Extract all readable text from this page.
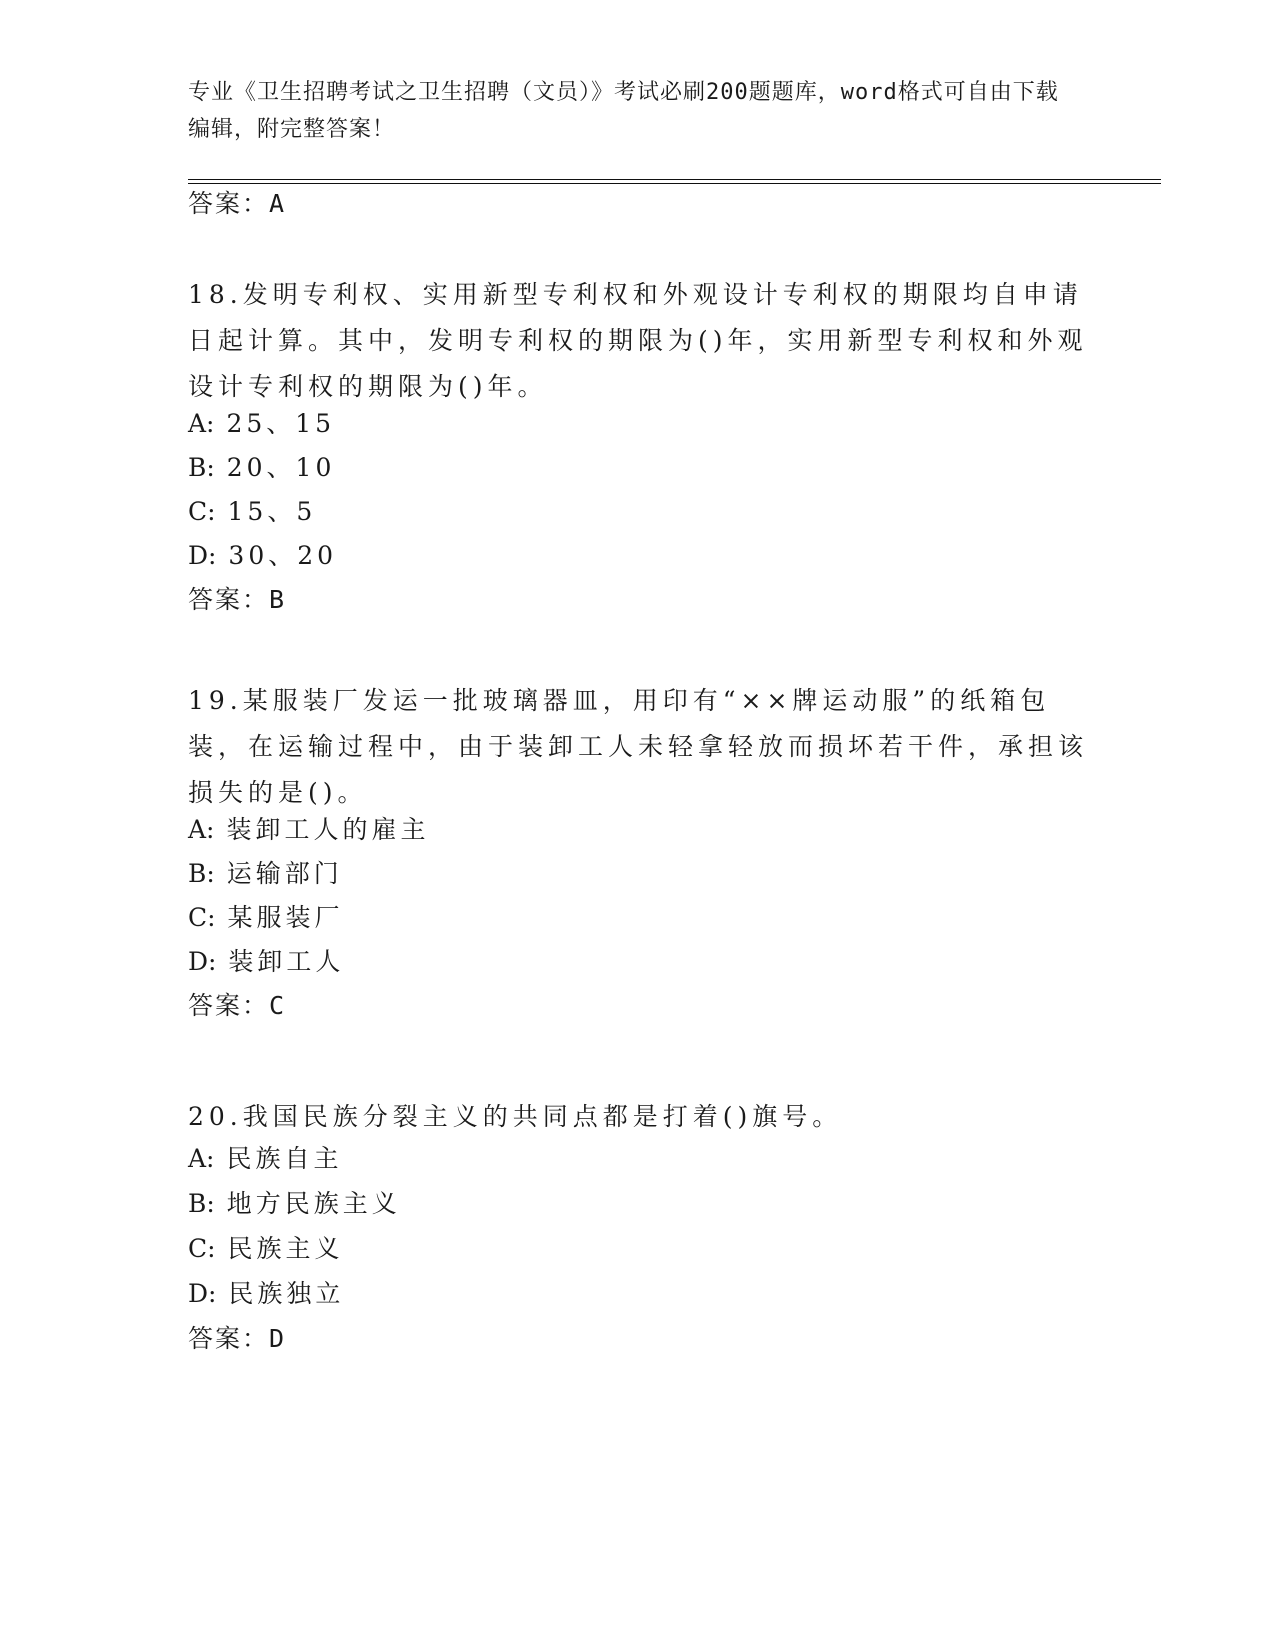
专业《卫生招聘考试之卫生招聘（文员）》考试必刷200题题库，word格式可自由下载编辑，附完整答案！
答案：A
18.发明专利权、实用新型专利权和外观设计专利权的期限均自申请日起计算。其中，发明专利权的期限为()年，实用新型专利权和外观设计专利权的期限为()年。
A: 25、15
B: 20、10
C: 15、5
D: 30、20
答案：B
19.某服装厂发运一批玻璃器皿，用印有“××牌运动服”的纸箱包装，在运输过程中，由于装卸工人未轻拿轻放而损坏若干件，承担该损失的是()。
A: 装卸工人的雇主
B: 运输部门
C: 某服装厂
D: 装卸工人
答案：C
20.我国民族分裂主义的共同点都是打着()旗号。
A: 民族自主
B: 地方民族主义
C: 民族主义
D: 民族独立
答案：D
